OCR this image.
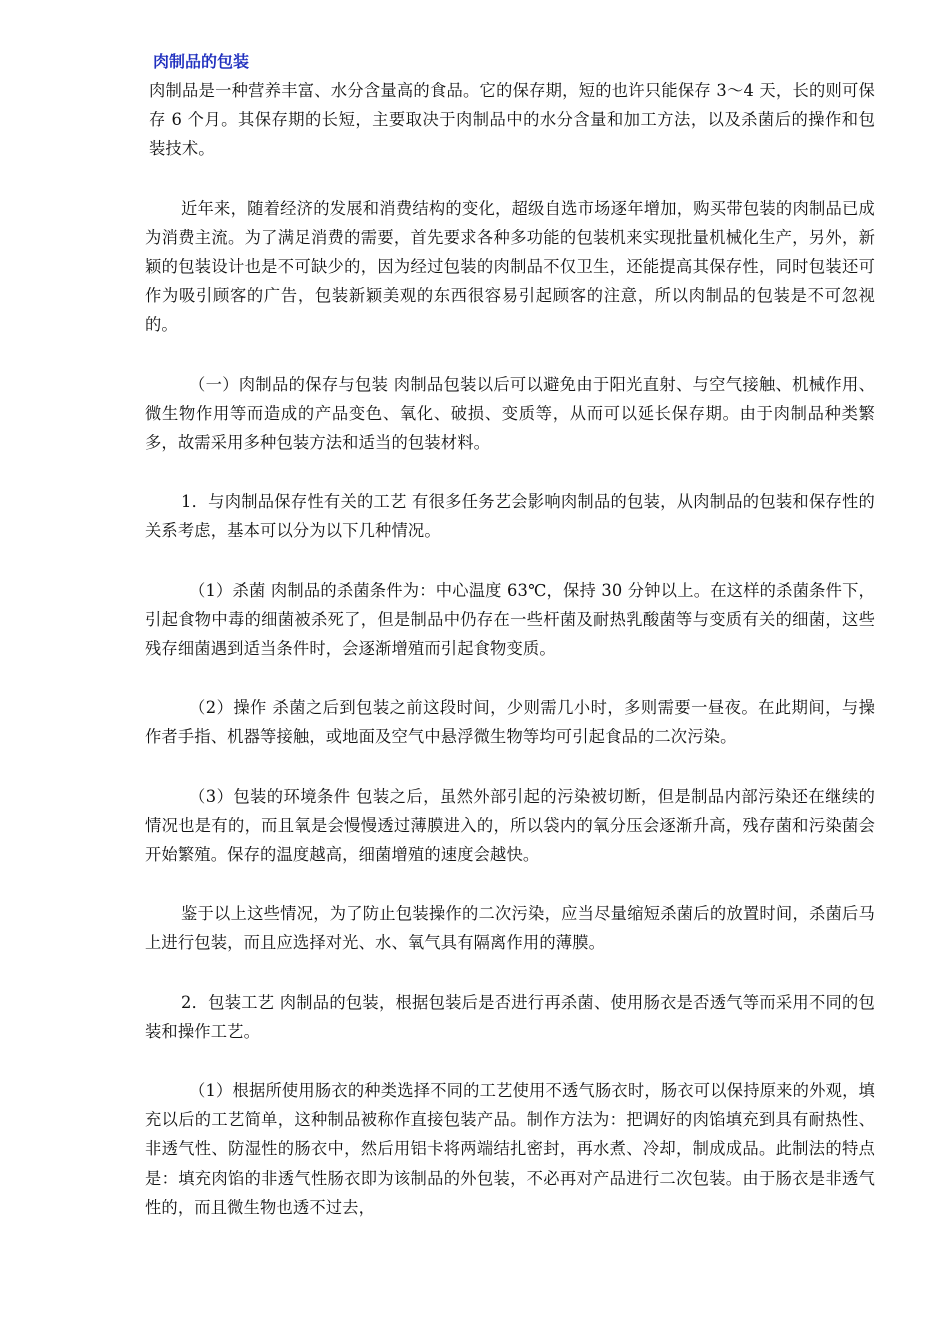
肉制品的包装

肉制品是一种营养丰富、水分含量高的食品。它的保存期，短的也许只能保存 3～4 天，长的则可保存 6 个月。其保存期的长短，主要取决于肉制品中的水分含量和加工方法，以及杀菌后的操作和包装技术。

近年来，随着经济的发展和消费结构的变化，超级自选市场逐年增加，购买带包装的肉制品已成为消费主流。为了满足消费的需要，首先要求各种多功能的包装机来实现批量机械化生产，另外，新颖的包装设计也是不可缺少的，因为经过包装的肉制品不仅卫生，还能提高其保存性，同时包装还可作为吸引顾客的广告，包装新颖美观的东西很容易引起顾客的注意，所以肉制品的包装是不可忽视的。

（一）肉制品的保存与包装 肉制品包装以后可以避免由于阳光直射、与空气接触、机械作用、微生物作用等而造成的产品变色、氧化、破损、变质等，从而可以延长保存期。由于肉制品种类繁多，故需采用多种包装方法和适当的包装材料。

1．与肉制品保存性有关的工艺 有很多任务艺会影响肉制品的包装，从肉制品的包装和保存性的关系考虑，基本可以分为以下几种情况。

（1）杀菌 肉制品的杀菌条件为：中心温度 63℃，保持 30 分钟以上。在这样的杀菌条件下，引起食物中毒的细菌被杀死了，但是制品中仍存在一些杆菌及耐热乳酸菌等与变质有关的细菌，这些残存细菌遇到适当条件时，会逐渐增殖而引起食物变质。

（2）操作 杀菌之后到包装之前这段时间，少则需几小时，多则需要一昼夜。在此期间，与操作者手指、机器等接触，或地面及空气中悬浮微生物等均可引起食品的二次污染。

（3）包装的环境条件 包装之后，虽然外部引起的污染被切断，但是制品内部污染还在继续的情况也是有的，而且氧是会慢慢透过薄膜进入的，所以袋内的氧分压会逐渐升高，残存菌和污染菌会开始繁殖。保存的温度越高，细菌增殖的速度会越快。

鉴于以上这些情况，为了防止包装操作的二次污染，应当尽量缩短杀菌后的放置时间，杀菌后马上进行包装，而且应选择对光、水、氧气具有隔离作用的薄膜。

2．包装工艺 肉制品的包装，根据包装后是否进行再杀菌、使用肠衣是否透气等而采用不同的包装和操作工艺。

（1）根据所使用肠衣的种类选择不同的工艺使用不透气肠衣时，肠衣可以保持原来的外观，填充以后的工艺简单，这种制品被称作直接包装产品。制作方法为：把调好的肉馅填充到具有耐热性、非透气性、防湿性的肠衣中，然后用铝卡将两端结扎密封，再水煮、冷却，制成成品。此制法的特点是：填充肉馅的非透气性肠衣即为该制品的外包装，不必再对产品进行二次包装。由于肠衣是非透气性的，而且微生物也透不过去，
